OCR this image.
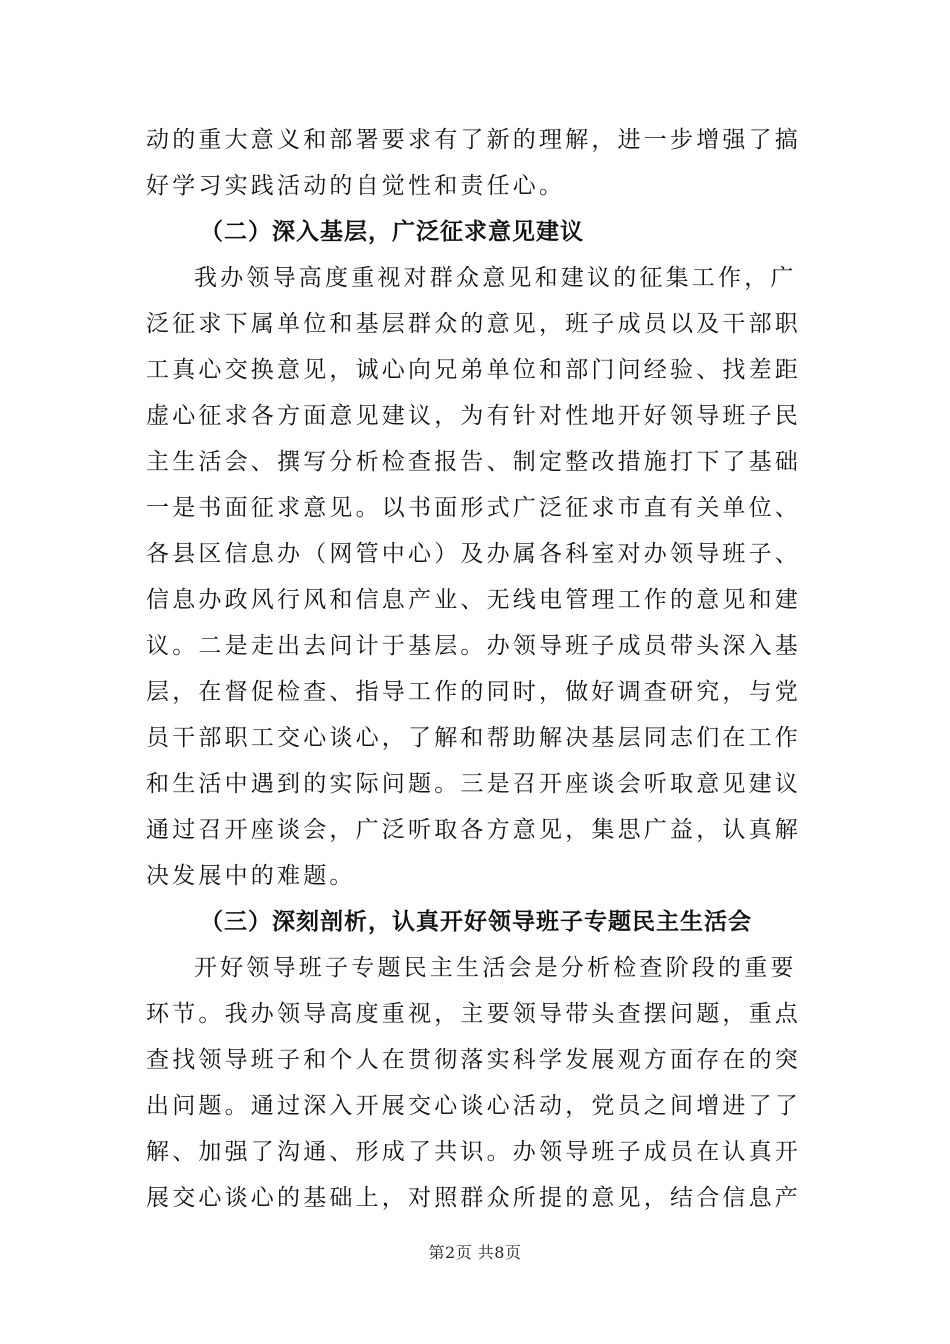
动的重大意义和部署要求有了新的理解，进一步增强了搞
好学习实践活动的自觉性和责任心。
（二）深入基层，广泛征求意见建议
我办领导高度重视对群众意见和建议的征集工作，广
泛征求下属单位和基层群众的意见，班子成员以及干部职
工真心交换意见，诚心向兄弟单位和部门问经验、找差距
虚心征求各方面意见建议，为有针对性地开好领导班子民
主生活会、撰写分析检查报告、制定整改措施打下了基础
一是书面征求意见。以书面形式广泛征求市直有关单位、
各县区信息办（网管中心）及办属各科室对办领导班子、
信息办政风行风和信息产业、无线电管理工作的意见和建
议。二是走出去问计于基层。办领导班子成员带头深入基
层，在督促检查、指导工作的同时，做好调查研究，与党
员干部职工交心谈心，了解和帮助解决基层同志们在工作
和生活中遇到的实际问题。三是召开座谈会听取意见建议
通过召开座谈会，广泛听取各方意见，集思广益，认真解
决发展中的难题。
（三）深刻剖析，认真开好领导班子专题民主生活会
开好领导班子专题民主生活会是分析检查阶段的重要
环节。我办领导高度重视，主要领导带头查摆问题，重点
查找领导班子和个人在贯彻落实科学发展观方面存在的突
出问题。通过深入开展交心谈心活动，党员之间增进了了
解、加强了沟通、形成了共识。办领导班子成员在认真开
展交心谈心的基础上，对照群众所提的意见，结合信息产
第2页 共8页
